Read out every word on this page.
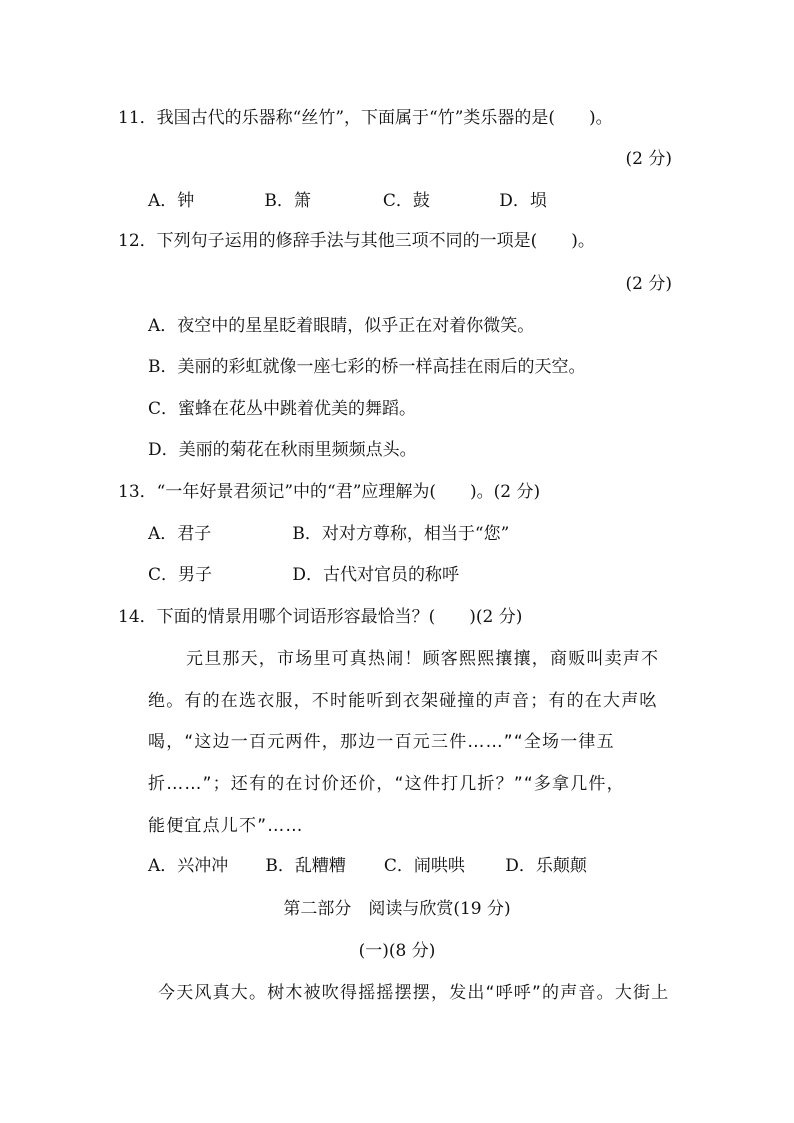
11．我国古代的乐器称“丝竹”，下面属于“竹”类乐器的是(　　)。
(2 分)
A．钟	B．箫	C．鼓	D．埙
12．下列句子运用的修辞手法与其他三项不同的一项是(　　)。
(2 分)
A．夜空中的星星眨着眼睛，似乎正在对着你微笑。
B．美丽的彩虹就像一座七彩的桥一样高挂在雨后的天空。
C．蜜蜂在花丛中跳着优美的舞蹈。
D．美丽的菊花在秋雨里频频点头。
13．“一年好景君须记”中的“君”应理解为(　　)。(2 分)
A．君子	B．对对方尊称，相当于“您”
C．男子	D．古代对官员的称呼
14．下面的情景用哪个词语形容最恰当？(　　)(2 分)
元旦那天，市场里可真热闹！顾客熙熙攘攘，商贩叫卖声不
绝。有的在选衣服，不时能听到衣架碰撞的声音；有的在大声吆
喝，“这边一百元两件，那边一百元三件……”“全场一律五
折……”；还有的在讨价还价，“这件打几折？”“多拿几件，
能便宜点儿不”……
A．兴冲冲 B．乱糟糟 C．闹哄哄 D．乐颠颠
第二部分　阅读与欣赏(19 分)
(一)(8 分)
今天风真大。树木被吹得摇摇摆摆，发出“呼呼”的声音。大街上
